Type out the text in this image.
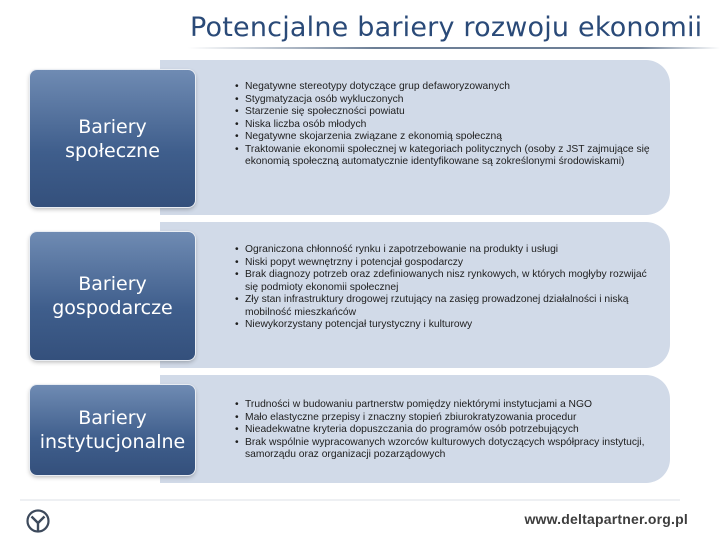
Potencjalne bariery rozwoju ekonomii
Bariery społeczne
• Negatywne stereotypy dotyczące grup defaworyzowanych
• Stygmatyzacja osób wykluczonych
• Starzenie się społeczności powiatu
• Niska liczba osób młodych
• Negatywne skojarzenia związane z ekonomią społeczną
• Traktowanie ekonomii społecznej w kategoriach politycznych (osoby z JST zajmujące się ekonomią społeczną automatycznie identyfikowane są zokreślonymi środowiskami)
Bariery gospodarcze
• Ograniczona chłonność rynku i zapotrzebowanie na produkty i usługi
• Niski popyt wewnętrzny i potencjał gospodarczy
• Brak diagnozy potrzeb oraz zdefiniowanych nisz rynkowych, w których mogłyby rozwijać się podmioty ekonomii społecznej
• Zły stan infrastruktury drogowej rzutujący na zasięg prowadzonej działalności i niską mobilność mieszkańców
• Niewykorzystany potencjał turystyczny i kulturowy
Bariery instytucjonalne
• Trudności w budowaniu partnerstw pomiędzy niektórymi instytucjami a NGO
• Mało elastyczne przepisy i znaczny stopień zbiurokratyzowania procedur
• Nieadekwatne kryteria dopuszczania do programów osób potrzebujących
• Brak wspólnie wypracowanych wzorców kulturowych dotyczących współpracy instytucji, samorządu oraz organizacji pozarządowych
www.deltapartner.org.pl
